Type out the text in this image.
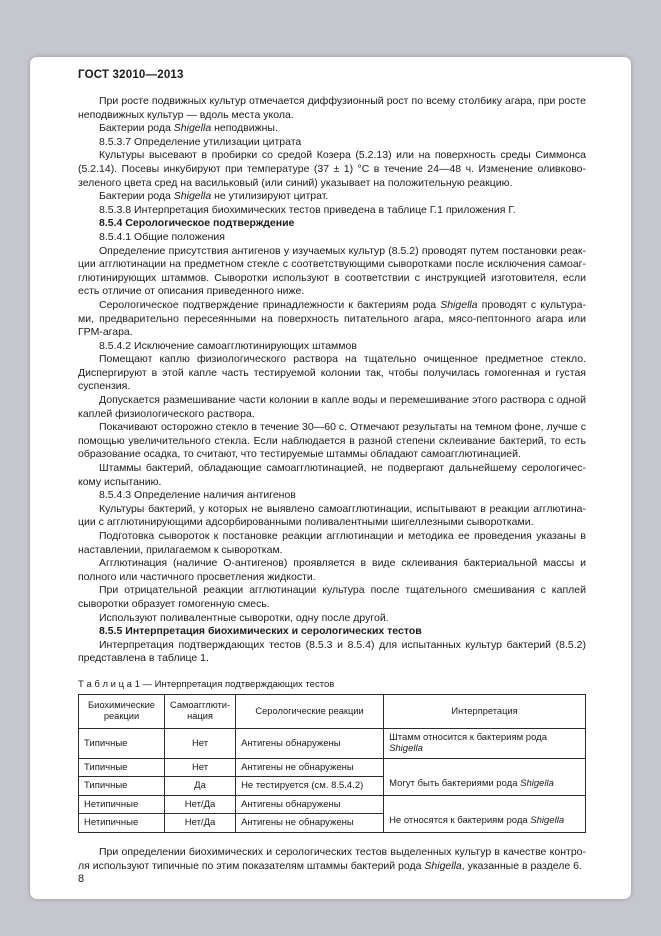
ГОСТ 32010—2013

При росте подвижных культур отмечается диффузионный рост по всему столбику агара, при росте неподвижных культур — вдоль места укола.

Бактерии рода Shigella неподвижны.

8.5.3.7 Определение утилизации цитрата

Культуры высевают в пробирки со средой Козера (5.2.13) или на поверхность среды Симмонса (5.2.14). Посевы инкубируют при температуре (37 ± 1) °С в течение 24—48 ч. Изменение оливково-зеленого цвета сред на васильковый (или синий) указывает на положительную реакцию.

Бактерии рода Shigella не утилизируют цитрат.

8.5.3.8 Интерпретация биохимических тестов приведена в таблице Г.1 приложения Г.

8.5.4 Серологическое подтверждение

8.5.4.1 Общие положения

Определение присутствия антигенов у изучаемых культур (8.5.2) проводят путем постановки реакции агглютинации на предметном стекле с соответствующими сыворотками после исключения самоагглютинирующих штаммов. Сыворотки используют в соответствии с инструкцией изготовителя, если есть отличие от описания приведенного ниже.

Серологическое подтверждение принадлежности к бактериям рода Shigella проводят с культурами, предварительно пересеянными на поверхность питательного агара, мясо-пептонного агара или ГРМ-агара.

8.5.4.2 Исключение самоагглютинирующих штаммов

Помещают каплю физиологического раствора на тщательно очищенное предметное стекло. Диспергируют в этой капле часть тестируемой колонии так, чтобы получилась гомогенная и густая суспензия.

Допускается размешивание части колонии в капле воды и перемешивание этого раствора с одной каплей физиологического раствора.

Покачивают осторожно стекло в течение 30—60 с. Отмечают результаты на темном фоне, лучше с помощью увеличительного стекла. Если наблюдается в разной степени склеивание бактерий, то есть образование осадка, то считают, что тестируемые штаммы обладают самоагглютинацией.

Штаммы бактерий, обладающие самоагглютинацией, не подвергают дальнейшему серологическому испытанию.

8.5.4.3 Определение наличия антигенов

Культуры бактерий, у которых не выявлено самоагглютинации, испытывают в реакции агглютинации с агглютинирующими адсорбированными поливалентными шигеллезными сыворотками.

Подготовка сывороток к постановке реакции агглютинации и методика ее проведения указаны в наставлении, прилагаемом к сывороткам.

Агглютинация (наличие О-антигенов) проявляется в виде склеивания бактериальной массы и полного или частичного просветления жидкости.

При отрицательной реакции агглютинации культура после тщательного смешивания с каплей сыворотки образует гомогенную смесь.

Используют поливалентные сыворотки, одну после другой.

8.5.5 Интерпретация биохимических и серологических тестов

Интерпретация подтверждающих тестов (8.5.3 и 8.5.4) для испытанных культур бактерий (8.5.2) представлена в таблице 1.

Т а б л и ц а 1 — Интерпретация подтверждающих тестов
Биохимические реакции	Самоагглютинация	Серологические реакции	Интерпретация
Типичные	Нет	Антигены обнаружены	Штамм относится к бактериям рода Shigella
Типичные	Нет	Антигены не обнаружены	Могут быть бактериями рода Shigella
Типичные	Да	Не тестируется (см. 8.5.4.2)	
Нетипичные	Нет/Да	Антигены обнаружены	Не относятся к бактериям рода Shigella
Нетипичные	Нет/Да	Антигены не обнаружены	

При определении биохимических и серологических тестов выделенных культур в качестве контроля используют типичные по этим показателям штаммы бактерий рода Shigella, указанные в разделе 6.

8
